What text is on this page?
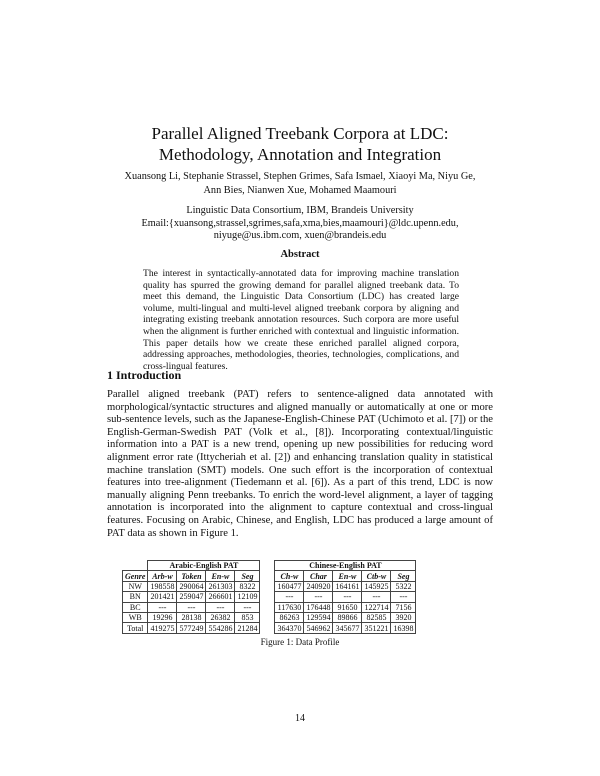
Parallel Aligned Treebank Corpora at LDC:
Methodology, Annotation and Integration
Xuansong Li, Stephanie Strassel, Stephen Grimes, Safa Ismael, Xiaoyi Ma, Niyu Ge,
Ann Bies, Nianwen Xue, Mohamed Maamouri
Linguistic Data Consortium, IBM, Brandeis University
Email:{xuansong,strassel,sgrimes,safa,xma,bies,maamouri}@ldc.upenn.edu,
niyuge@us.ibm.com, xuen@brandeis.edu
Abstract
The interest in syntactically-annotated data for improving machine translation quality has spurred the growing demand for parallel aligned treebank data. To meet this demand, the Linguistic Data Consortium (LDC) has created large volume, multi-lingual and multi-level aligned treebank corpora by aligning and integrating existing treebank annotation resources. Such corpora are more useful when the alignment is further enriched with contextual and linguistic information. This paper details how we create these enriched parallel aligned corpora, addressing approaches, methodologies, theories, technologies, complications, and cross-lingual features.
1 Introduction
Parallel aligned treebank (PAT) refers to sentence-aligned data annotated with morphological/syntactic structures and aligned manually or automatically at one or more sub-sentence levels, such as the Japanese-English-Chinese PAT (Uchimoto et al. [7]) or the English-German-Swedish PAT (Volk et al., [8]). Incorporating contextual/linguistic information into a PAT is a new trend, opening up new possibilities for reducing word alignment error rate (Ittycheriah et al. [2]) and enhancing translation quality in statistical machine translation (SMT) models. One such effort is the incorporation of contextual features into tree-alignment (Tiedemann et al. [6]). As a part of this trend, LDC is now manually aligning Penn treebanks. To enrich the word-level alignment, a layer of tagging annotation is incorporated into the alignment to capture contextual and cross-lingual features. Focusing on Arabic, Chinese, and English, LDC has produced a large amount of PAT data as shown in Figure 1.
	Arabic-English PAT					Chinese-English PAT				
Genre	Arb-w	Token	En-w	Seg		Ch-w	Char	En-w	Ctb-w	Seg
NW	198558	290064	261303	8322		160477	240920	164161	145925	5322
BN	201421	259047	266601	12109		---	---	---	---	---
BC	---	---	---	---		117630	176448	91650	122714	7156
WB	19296	28138	26382	853		86263	129594	89866	82585	3920
Total	419275	577249	554286	21284		364370	546962	345677	351221	16398
Figure 1: Data Profile
14
